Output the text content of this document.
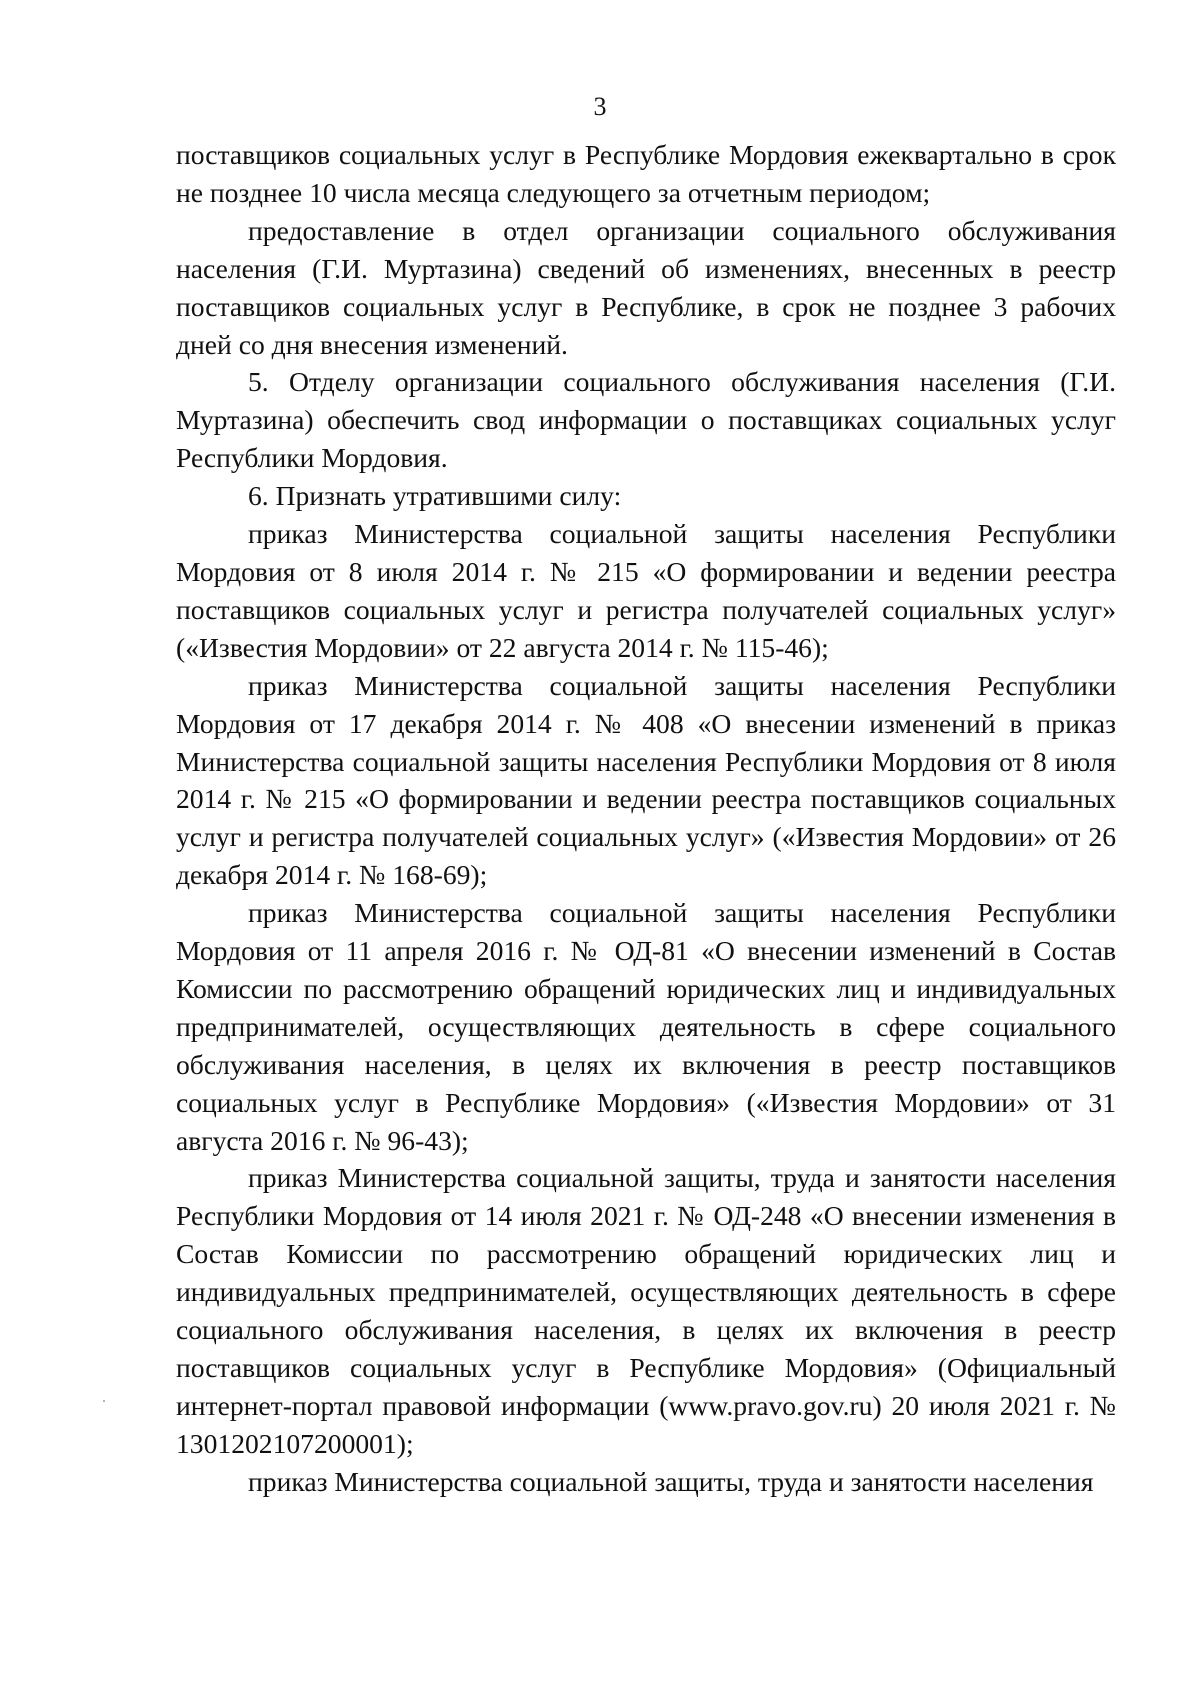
3

поставщиков социальных услуг в Республике Мордовия ежеквартально в срок не позднее 10 числа месяца следующего за отчетным периодом;

предоставление в отдел организации социального обслуживания населения (Г.И. Муртазина) сведений об изменениях, внесенных в реестр поставщиков социальных услуг в Республике, в срок не позднее 3 рабочих дней со дня внесения изменений.

5. Отделу организации социального обслуживания населения (Г.И. Муртазина) обеспечить свод информации о поставщиках социальных услуг Республики Мордовия.

6. Признать утратившими силу:

приказ Министерства социальной защиты населения Республики Мордовия от 8 июля 2014 г. № 215 «О формировании и ведении реестра поставщиков социальных услуг и регистра получателей социальных услуг» («Известия Мордовии» от 22 августа 2014 г. № 115-46);

приказ Министерства социальной защиты населения Республики Мордовия от 17 декабря 2014 г. № 408 «О внесении изменений в приказ Министерства социальной защиты населения Республики Мордовия от 8 июля 2014 г. № 215 «О формировании и ведении реестра поставщиков социальных услуг и регистра получателей социальных услуг» («Известия Мордовии» от 26 декабря 2014 г. № 168-69);

приказ Министерства социальной защиты населения Республики Мордовия от 11 апреля 2016 г. № ОД-81 «О внесении изменений в Состав Комиссии по рассмотрению обращений юридических лиц и индивидуальных предпринимателей, осуществляющих деятельность в сфере социального обслуживания населения, в целях их включения в реестр поставщиков социальных услуг в Республике Мордовия» («Известия Мордовии» от 31 августа 2016 г. № 96-43);

приказ Министерства социальной защиты, труда и занятости населения Республики Мордовия от 14 июля 2021 г. № ОД-248 «О внесении изменения в Состав Комиссии по рассмотрению обращений юридических лиц и индивидуальных предпринимателей, осуществляющих деятельность в сфере социального обслуживания населения, в целях их включения в реестр поставщиков социальных услуг в Республике Мордовия» (Официальный интернет-портал правовой информации (www.pravo.gov.ru) 20 июля 2021 г. № 1301202107200001);

приказ Министерства социальной защиты, труда и занятости населения
